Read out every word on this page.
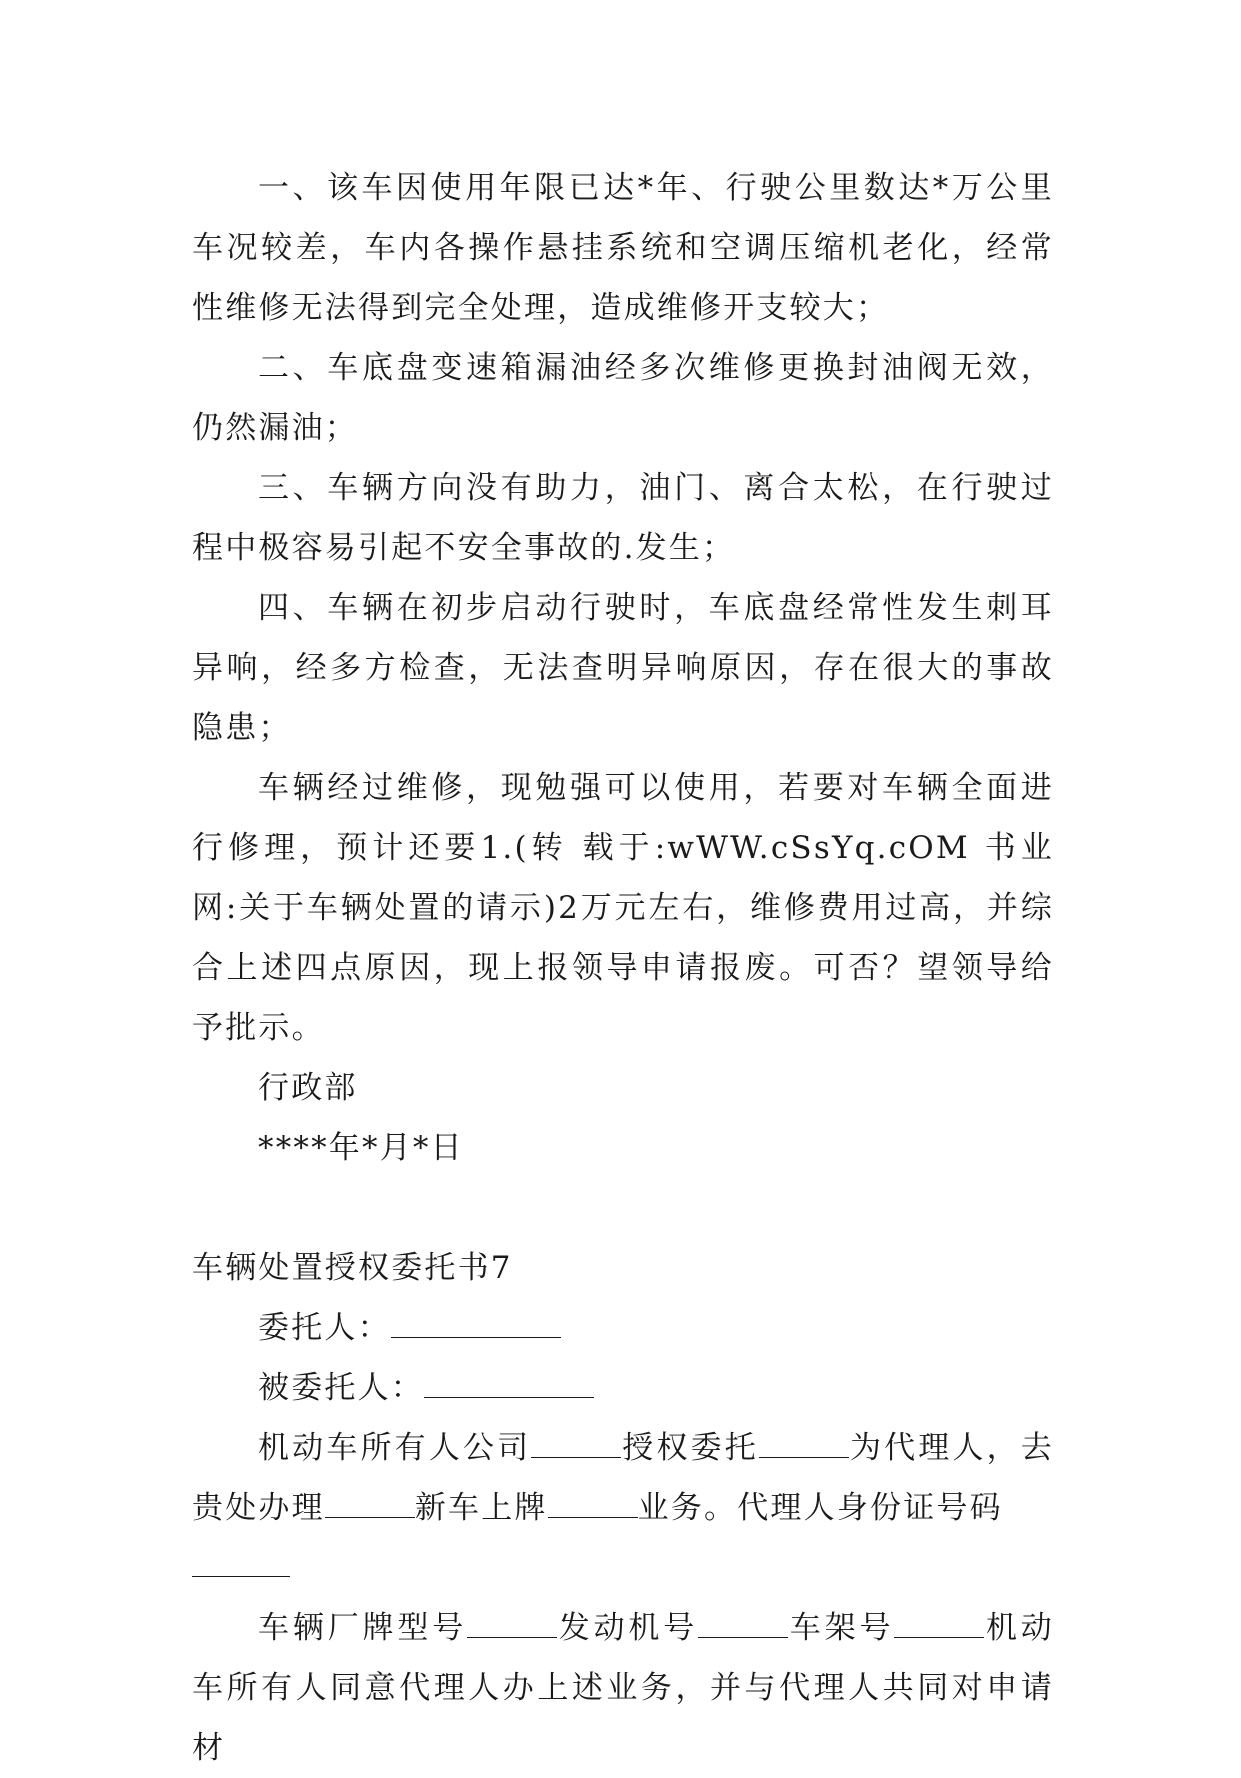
一、该车因使用年限已达*年、行驶公里数达*万公里车况较差，车内各操作悬挂系统和空调压缩机老化，经常性维修无法得到完全处理，造成维修开支较大；

二、车底盘变速箱漏油经多次维修更换封油阀无效，仍然漏油；

三、车辆方向没有助力，油门、离合太松，在行驶过程中极容易引起不安全事故的.发生；

四、车辆在初步启动行驶时，车底盘经常性发生刺耳异响，经多方检查，无法查明异响原因，存在很大的事故隐患；

车辆经过维修，现勉强可以使用，若要对车辆全面进行修理，预计还要1.(转 载于:wWW.cSsYq.cOM 书业网:关于车辆处置的请示)2万元左右，维修费用过高，并综合上述四点原因，现上报领导申请报废。可否？望领导给予批示。

行政部

****年*月*日

车辆处置授权委托书7

委托人：

被委托人：

机动车所有人公司	授权委托	为代理人，去贵处办理	新车上牌	业务。代理人身份证号码

车辆厂牌型号	发动机号	车架号	机动车所有人同意代理人办上述业务，并与代理人共同对申请材
